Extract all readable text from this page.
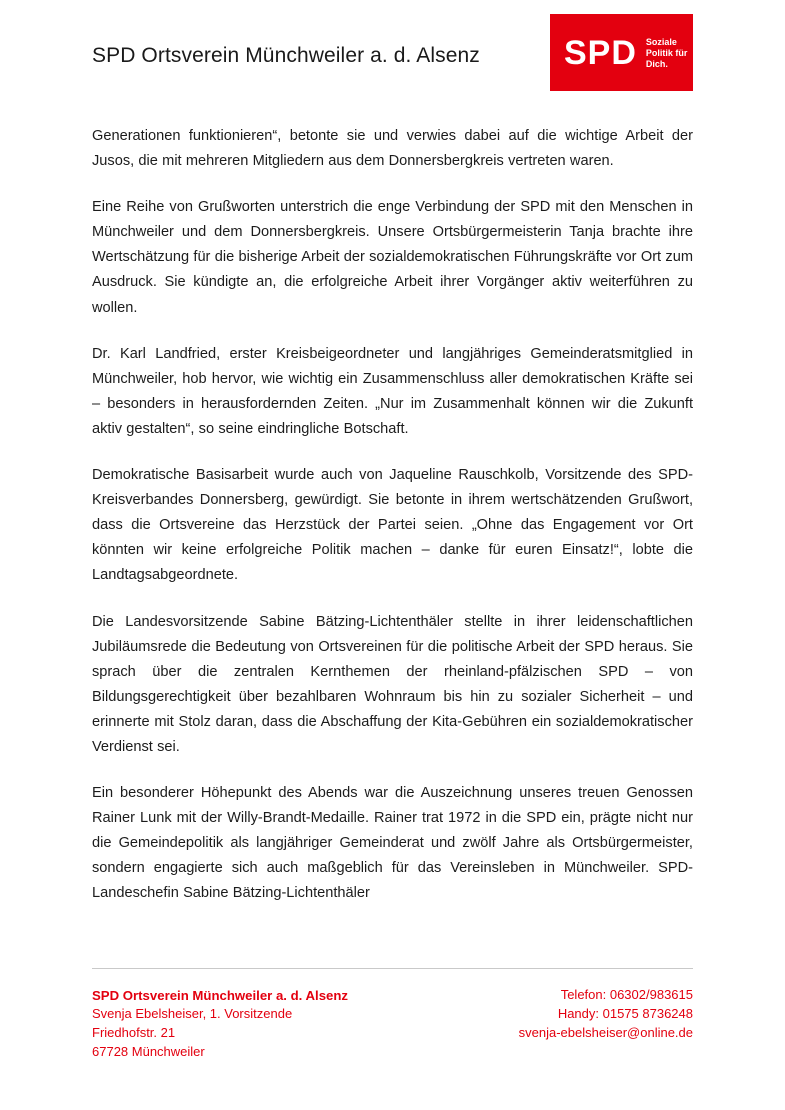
SPD Ortsverein Münchweiler a. d. Alsenz SPD Soziale
Politik für
Dich.

Generationen funktionieren“, betonte sie und verwies dabei auf die wichtige Arbeit der Jusos, die mit mehreren Mitgliedern aus dem Donnersbergkreis vertreten waren.

Eine Reihe von Grußworten unterstrich die enge Verbindung der SPD mit den Menschen in Münchweiler und dem Donnersbergkreis. Unsere Ortsbürgermeisterin Tanja brachte ihre Wertschätzung für die bisherige Arbeit der sozialdemokratischen Führungskräfte vor Ort zum Ausdruck. Sie kündigte an, die erfolgreiche Arbeit ihrer Vorgänger aktiv weiterführen zu wollen.

Dr. Karl Landfried, erster Kreisbeigeordneter und langjähriges Gemeinderatsmitglied in Münchweiler, hob hervor, wie wichtig ein Zusammenschluss aller demokratischen Kräfte sei – besonders in herausfordernden Zeiten. „Nur im Zusammenhalt können wir die Zukunft aktiv gestalten“, so seine eindringliche Botschaft.

Demokratische Basisarbeit wurde auch von Jaqueline Rauschkolb, Vorsitzende des SPD-Kreisverbandes Donnersberg, gewürdigt. Sie betonte in ihrem wertschätzenden Grußwort, dass die Ortsvereine das Herzstück der Partei seien. „Ohne das Engagement vor Ort könnten wir keine erfolgreiche Politik machen – danke für euren Einsatz!“, lobte die Landtagsabgeordnete.

Die Landesvorsitzende Sabine Bätzing-Lichtenthäler stellte in ihrer leidenschaftlichen Jubiläumsrede die Bedeutung von Ortsvereinen für die politische Arbeit der SPD heraus. Sie sprach über die zentralen Kernthemen der rheinland-pfälzischen SPD – von Bildungsgerechtigkeit über bezahlbaren Wohnraum bis hin zu sozialer Sicherheit – und erinnerte mit Stolz daran, dass die Abschaffung der Kita-Gebühren ein sozialdemokratischer Verdienst sei.

Ein besonderer Höhepunkt des Abends war die Auszeichnung unseres treuen Genossen Rainer Lunk mit der Willy-Brandt-Medaille. Rainer trat 1972 in die SPD ein, prägte nicht nur die Gemeindepolitik als langjähriger Gemeinderat und zwölf Jahre als Ortsbürgermeister, sondern engagierte sich auch maßgeblich für das Vereinsleben in Münchweiler. SPD-Landeschefin Sabine Bätzing-Lichtenthäler

SPD Ortsverein Münchweiler a. d. Alsenz
Svenja Ebelsheiser, 1. Vorsitzende
Friedhofstr. 21
67728 Münchweiler
Telefon: 06302/983615
Handy: 01575 8736248
svenja-ebelsheiser@online.de
